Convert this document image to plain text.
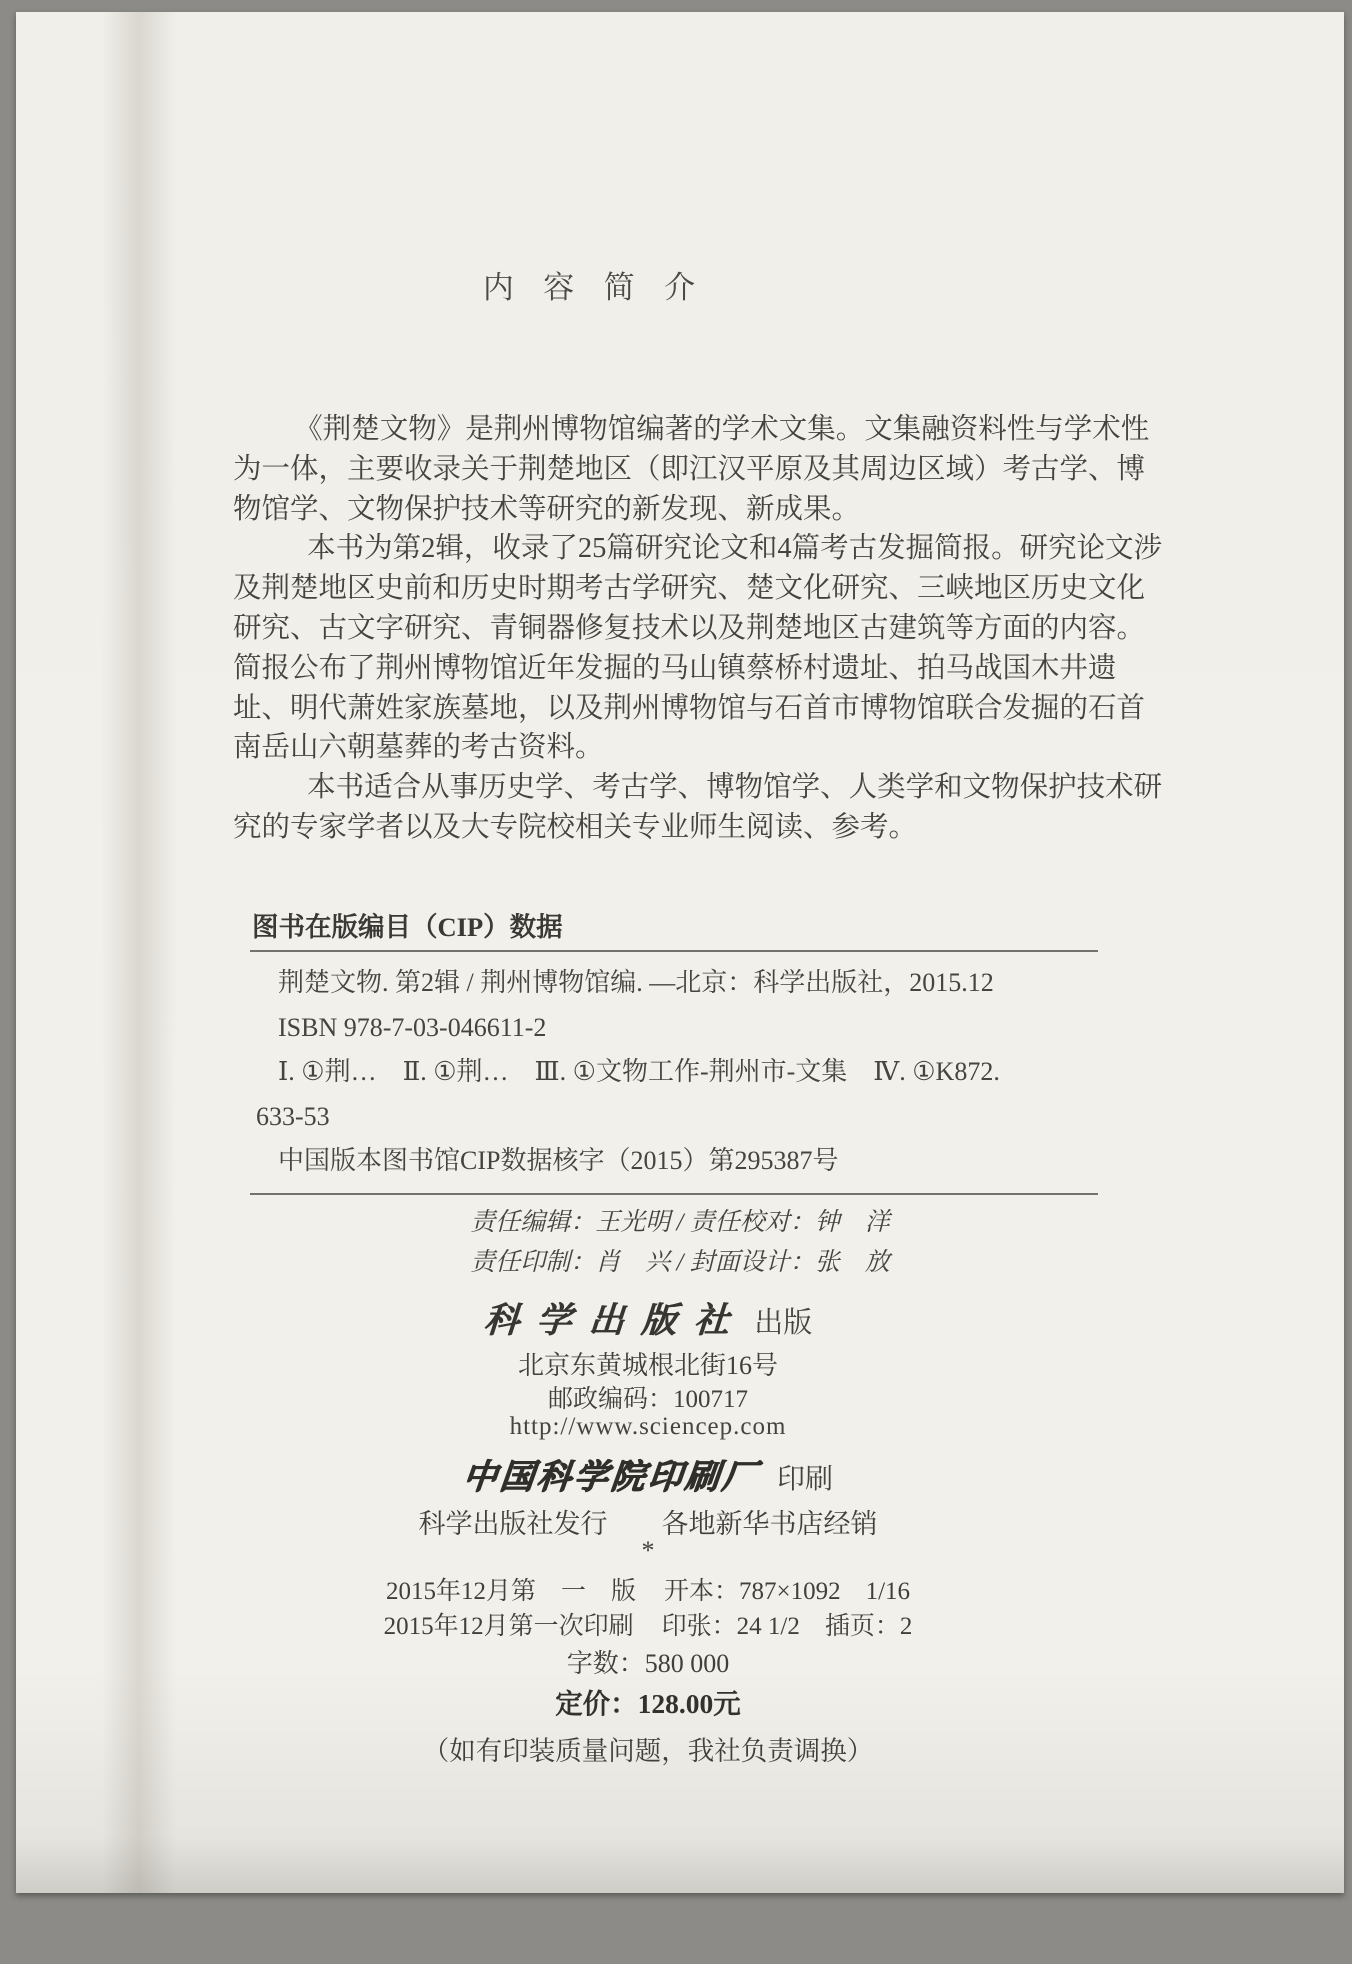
内容简介
《荆楚文物》是荆州博物馆编著的学术文集。文集融资料性与学术性
为一体，主要收录关于荆楚地区（即江汉平原及其周边区域）考古学、博
物馆学、文物保护技术等研究的新发现、新成果。
本书为第2辑，收录了25篇研究论文和4篇考古发掘简报。研究论文涉
及荆楚地区史前和历史时期考古学研究、楚文化研究、三峡地区历史文化
研究、古文字研究、青铜器修复技术以及荆楚地区古建筑等方面的内容。
简报公布了荆州博物馆近年发掘的马山镇蔡桥村遗址、拍马战国木井遗
址、明代萧姓家族墓地，以及荆州博物馆与石首市博物馆联合发掘的石首
南岳山六朝墓葬的考古资料。
本书适合从事历史学、考古学、博物馆学、人类学和文物保护技术研
究的专家学者以及大专院校相关专业师生阅读、参考。
图书在版编目（CIP）数据
荆楚文物. 第2辑 / 荆州博物馆编. —北京：科学出版社，2015.12
ISBN 978-7-03-046611-2
Ⅰ. ①荆…　Ⅱ. ①荆…　Ⅲ. ①文物工作-荆州市-文集　Ⅳ. ①K872.
633-53
中国版本图书馆CIP数据核字（2015）第295387号
责任编辑：王光明 / 责任校对：钟　洋
责任印制：肖　兴 / 封面设计：张　放
科学出版社 出版
北京东黄城根北街16号
邮政编码：100717
http://www.sciencep.com
中国科学院印刷厂 印刷
科学出版社发行　　各地新华书店经销
*
2015年12月第　一　版 开本：787×1092　1/16
2015年12月第一次印刷 印张：24 1/2　插页：2
字数：580 000
定价：128.00元
（如有印装质量问题，我社负责调换）
